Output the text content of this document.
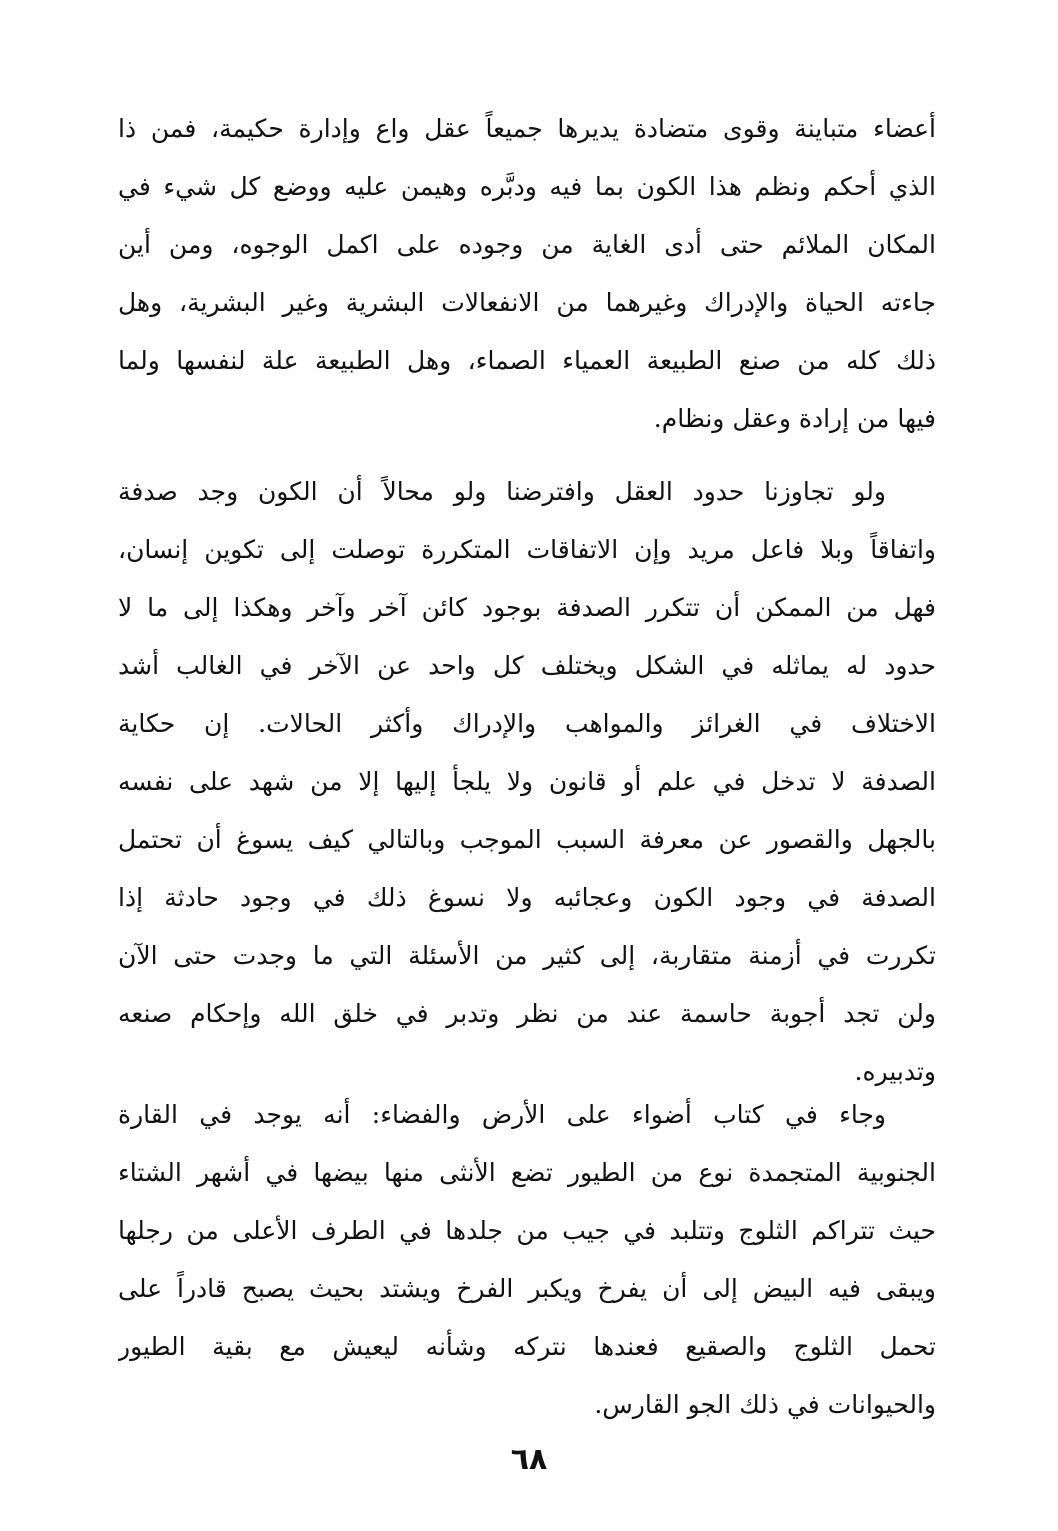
أعضاء متباينة وقوى متضادة يديرها جميعاً عقل واع وإدارة حكيمة، فمن ذا
الذي أحكم ونظم هذا الكون بما فيه ودبَّره وهيمن عليه ووضع كل شيء في
المكان الملائم حتى أدى الغاية من وجوده على اكمل الوجوه، ومن أين
جاءته الحياة والإدراك وغيرهما من الانفعالات البشرية وغير البشرية، وهل
ذلك كله من صنع الطبيعة العمياء الصماء، وهل الطبيعة علة لنفسها ولما
فيها من إرادة وعقل ونظام.
ولو تجاوزنا حدود العقل وافترضنا ولو محالاً أن الكون وجد صدفة
واتفاقاً وبلا فاعل مريد وإن الاتفاقات المتكررة توصلت إلى تكوين إنسان،
فهل من الممكن أن تتكرر الصدفة بوجود كائن آخر وآخر وهكذا إلى ما لا
حدود له يماثله في الشكل ويختلف كل واحد عن الآخر في الغالب أشد
الاختلاف في الغرائز والمواهب والإدراك وأكثر الحالات. إن حكاية
الصدفة لا تدخل في علم أو قانون ولا يلجأ إليها إلا من شهد على نفسه
بالجهل والقصور عن معرفة السبب الموجب وبالتالي كيف يسوغ أن تحتمل
الصدفة في وجود الكون وعجائبه ولا نسوغ ذلك في وجود حادثة إذا
تكررت في أزمنة متقاربة، إلى كثير من الأسئلة التي ما وجدت حتى الآن
ولن تجد أجوبة حاسمة عند من نظر وتدبر في خلق الله وإحكام صنعه
وتدبيره.
وجاء في كتاب أضواء على الأرض والفضاء: أنه يوجد في القارة
الجنوبية المتجمدة نوع من الطيور تضع الأنثى منها بيضها في أشهر الشتاء
حيث تتراكم الثلوج وتتلبد في جيب من جلدها في الطرف الأعلى من رجلها
ويبقى فيه البيض إلى أن يفرخ ويكبر الفرخ ويشتد بحيث يصبح قادراً على
تحمل الثلوج والصقيع فعندها نتركه وشأنه ليعيش مع بقية الطيور
والحيوانات في ذلك الجو القارس.
٦٨
